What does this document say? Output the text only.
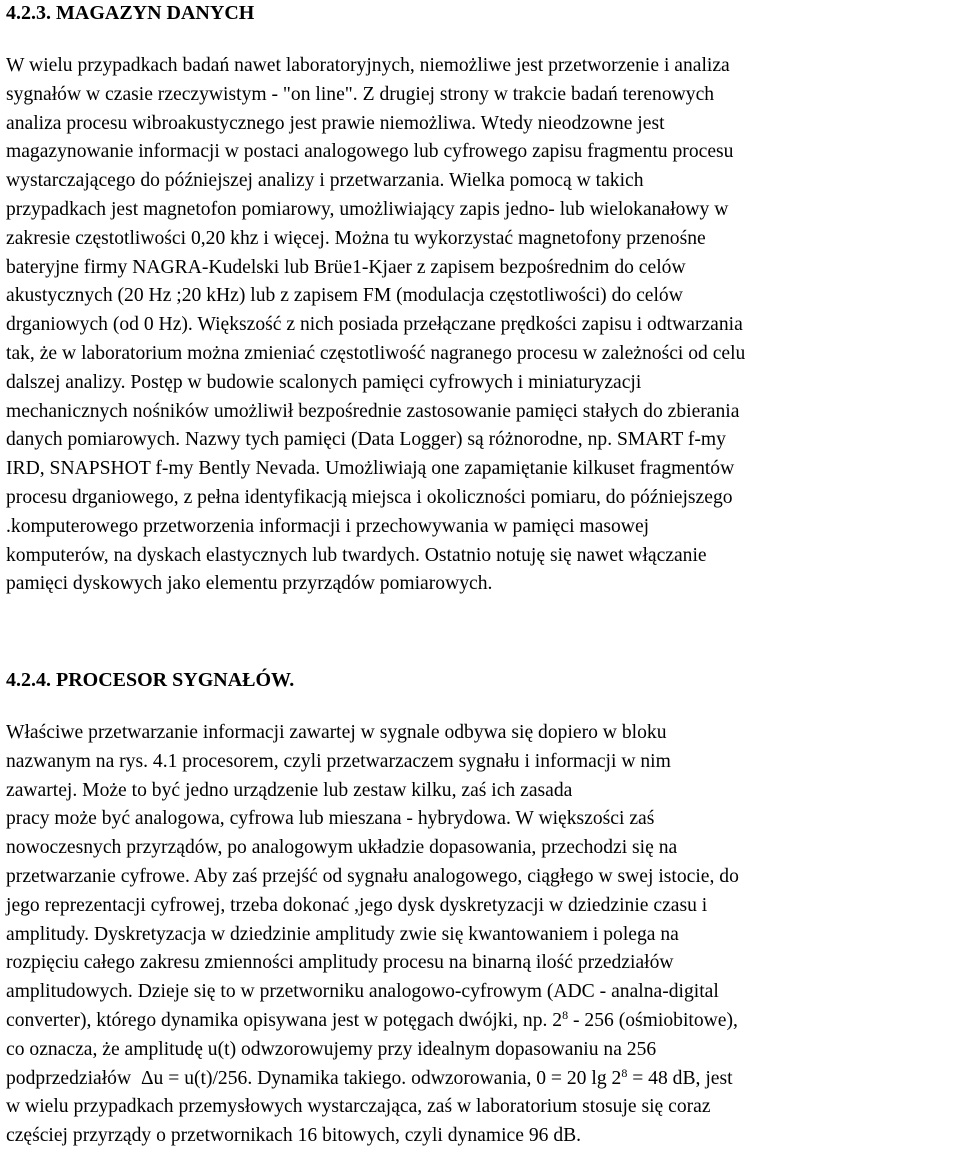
4.2.3. MAGAZYN DANYCH
W wielu przypadkach badań nawet laboratoryjnych, niemożliwe jest przetworzenie i analiza
sygnałów w czasie rzeczywistym - "on line". Z drugiej strony w trakcie badań terenowych
analiza procesu wibroakustycznego jest prawie niemożliwa. Wtedy nieodzowne jest
magazynowanie informacji w postaci analogowego lub cyfrowego zapisu fragmentu procesu
wystarczającego do późniejszej analizy i przetwarzania. Wielka pomocą w takich
przypadkach jest magnetofon pomiarowy, umożliwiający zapis jedno- lub wielokanałowy w
zakresie częstotliwości 0,20 khz i więcej. Można tu wykorzystać magnetofony przenośne
bateryjne firmy NAGRA-Kudelski lub Brüe1-Kjaer z zapisem bezpośrednim do celów
akustycznych (20 Hz ;20 kHz) lub z zapisem FM (modulacja częstotliwości) do celów
drganiowych (od 0 Hz). Większość z nich posiada przełączane prędkości zapisu i odtwarzania
tak, że w laboratorium można zmieniać częstotliwość nagranego procesu w zależności od celu
dalszej analizy. Postęp w budowie scalonych pamięci cyfrowych i miniaturyzacji
mechanicznych nośników umożliwił bezpośrednie zastosowanie pamięci stałych do zbierania
danych pomiarowych. Nazwy tych pamięci (Data Logger) są różnorodne, np. SMART f-my
IRD, SNAPSHOT f-my Bently Nevada. Umożliwiają one zapamiętanie kilkuset fragmentów
procesu drganiowego, z pełna identyfikacją miejsca i okoliczności pomiaru, do późniejszego
.komputerowego przetworzenia informacji i przechowywania w pamięci masowej
komputerów, na dyskach elastycznych lub twardych. Ostatnio notuję się nawet włączanie
pamięci dyskowych jako elementu przyrządów pomiarowych.
4.2.4. PROCESOR SYGNAŁÓW.
Właściwe przetwarzanie informacji zawartej w sygnale odbywa się dopiero w bloku
nazwanym na rys. 4.1 procesorem, czyli przetwarzaczem sygnału i informacji w nim
zawartej. Może to być jedno urządzenie lub zestaw kilku, zaś ich zasada
pracy może być analogowa, cyfrowa lub mieszana - hybrydowa. W większości zaś
nowoczesnych przyrządów, po analogowym układzie dopasowania, przechodzi się na
przetwarzanie cyfrowe. Aby zaś przejść od sygnału analogowego, ciągłego w swej istocie, do
jego reprezentacji cyfrowej, trzeba dokonać ,jego dysk dyskretyzacji w dziedzinie czasu i
amplitudy. Dyskretyzacja w dziedzinie amplitudy zwie się kwantowaniem i polega na
rozpięciu całego zakresu zmienności amplitudy procesu na binarną ilość przedziałów
amplitudowych. Dzieje się to w przetworniku analogowo-cyfrowym (ADC - analna-digital
converter), którego dynamika opisywana jest w potęgach dwójki, np. $2^8 - 256$ (ośmiobitowe),
co oznacza, że amplitudę u(t) odwzorowujemy przy idealnym dopasowaniu na 256
podprzedziałów  Δu = u(t)/256. Dynamika takiego. odwzorowania, 0 = 20 $\lg 2^8 = 48$ dB, jest
w wielu przypadkach przemysłowych wystarczająca, zaś w laboratorium stosuje się coraz
częściej przyrządy o przetwornikach 16 bitowych, czyli dynamice 96 dB.
